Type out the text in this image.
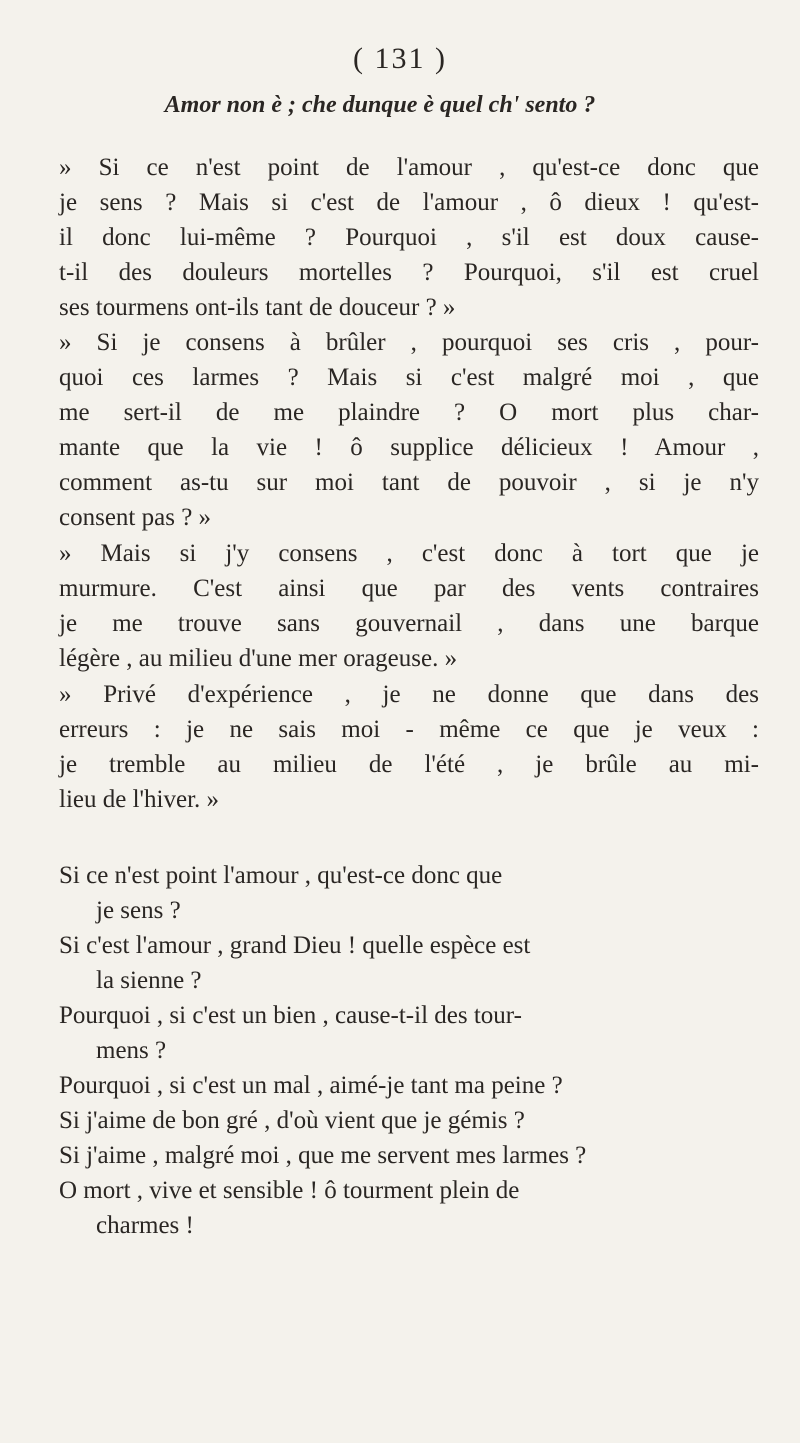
( 131 )
Amor non è ; che dunque è quel ch' sento ?
» Si ce n'est point de l'amour , qu'est-ce donc que
je sens ? Mais si c'est de l'amour , ô dieux ! qu'est-
il donc lui-même ? Pourquoi , s'il est doux cause-
t-il des douleurs mortelles ? Pourquoi, s'il est cruel
ses tourmens ont-ils tant de douceur ? »
» Si je consens à brûler , pourquoi ses cris , pour-
quoi ces larmes ? Mais si c'est malgré moi , que
me sert-il de me plaindre ? O mort plus char-
mante que la vie ! ô supplice délicieux ! Amour ,
comment as-tu sur moi tant de pouvoir , si je n'y
consent pas ? »
» Mais si j'y consens , c'est donc à tort que je
murmure. C'est ainsi que par des vents contraires
je me trouve sans gouvernail , dans une barque
légère , au milieu d'une mer orageuse. »
» Privé d'expérience , je ne donne que dans des
erreurs : je ne sais moi - même ce que je veux :
je tremble au milieu de l'été , je brûle au mi-
lieu de l'hiver. »
Si ce n'est point l'amour , qu'est-ce donc que
je sens ?
Si c'est l'amour , grand Dieu ! quelle espèce est
la sienne ?
Pourquoi , si c'est un bien , cause-t-il des tour-
mens ?
Pourquoi , si c'est un mal , aimé-je tant ma peine ?
Si j'aime de bon gré , d'où vient que je gémis ?
Si j'aime , malgré moi , que me servent mes larmes ?
O mort , vive et sensible ! ô tourment plein de
charmes !
